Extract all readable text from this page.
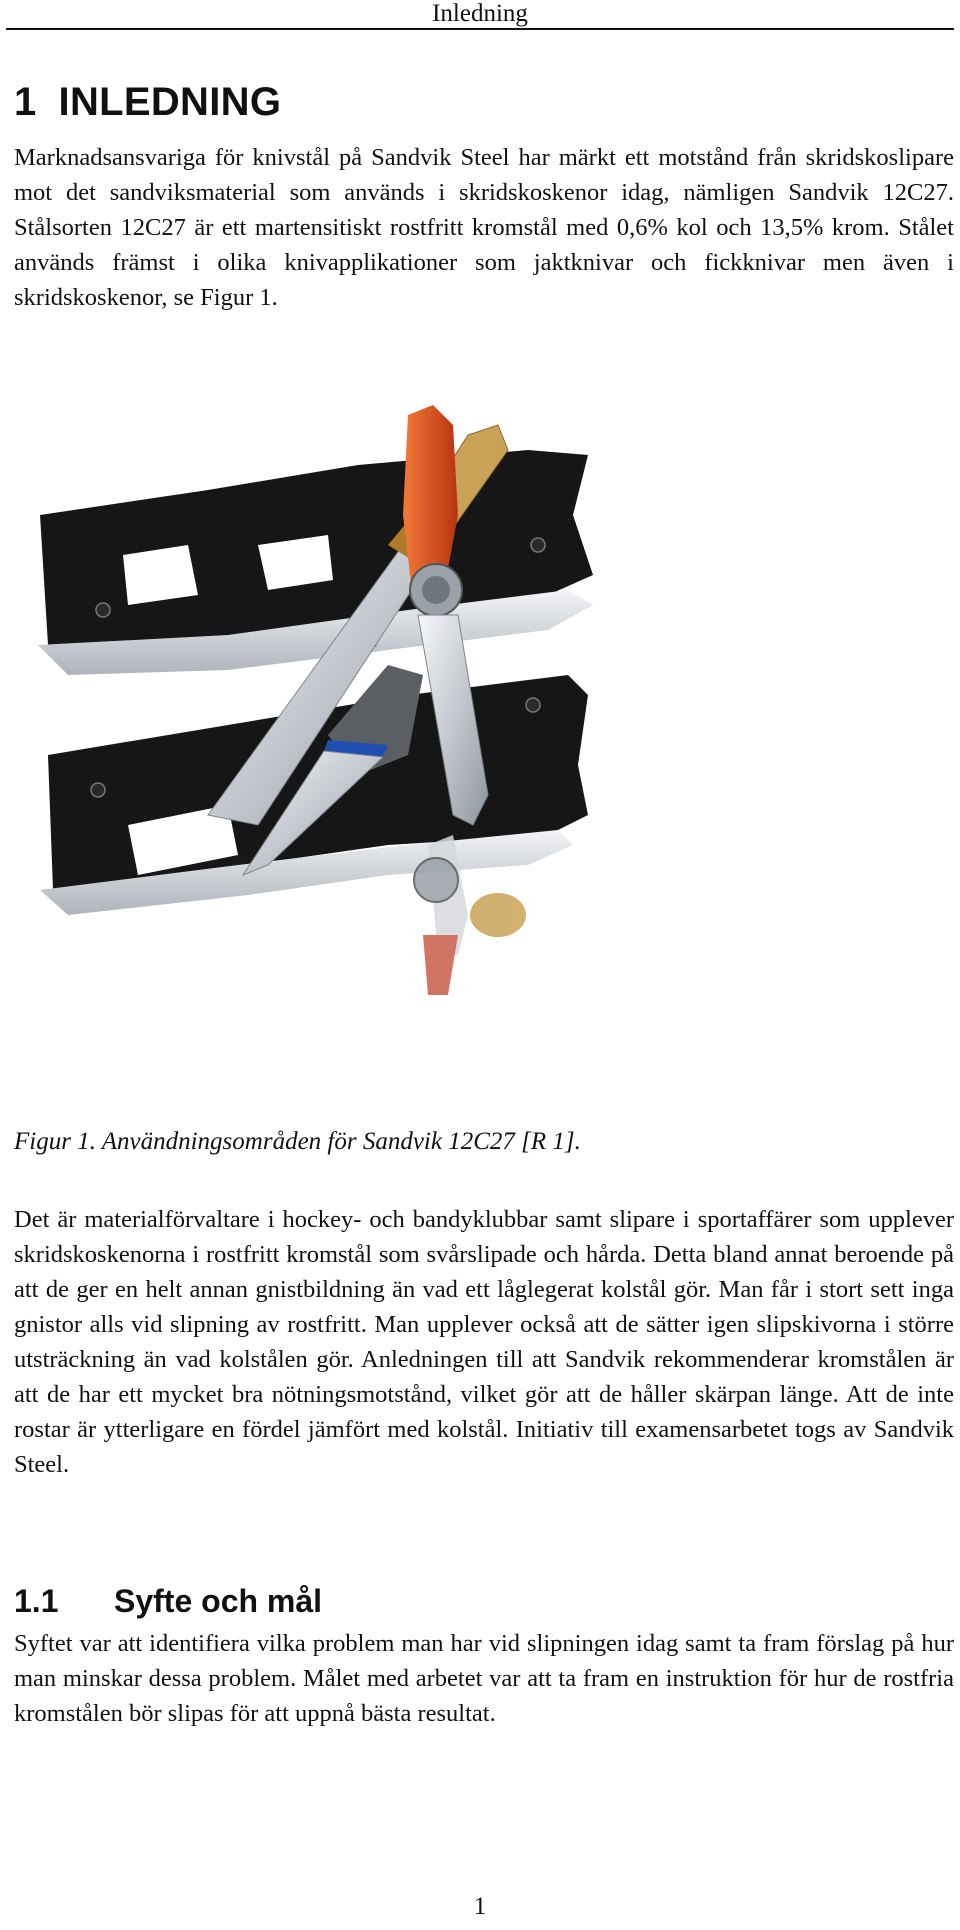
Inledning
1 INLEDNING

Marknadsansvariga för knivstål på Sandvik Steel har märkt ett motstånd från skridskoslipare mot det sandviksmaterial som används i skridskoskenor idag, nämligen Sandvik 12C27. Stålsorten 12C27 är ett martensitiskt rostfritt kromstål med 0,6% kol och 13,5% krom. Stålet används främst i olika knivapplikationer som jaktknivar och fickknivar men även i skridskoskenor, se Figur 1.

Figur 1. Användningsområden för Sandvik 12C27 [R 1].

Det är materialförvaltare i hockey- och bandyklubbar samt slipare i sportaffärer som upplever skridskoskenorna i rostfritt kromstål som svårslipade och hårda. Detta bland annat beroende på att de ger en helt annan gnistbildning än vad ett låglegerat kolstål gör. Man får i stort sett inga gnistor alls vid slipning av rostfritt. Man upplever också att de sätter igen slipskivorna i större utsträckning än vad kolstålen gör. Anledningen till att Sandvik rekommenderar kromstålen är att de har ett mycket bra nötningsmotstånd, vilket gör att de håller skärpan länge. Att de inte rostar är ytterligare en fördel jämfört med kolstål. Initiativ till examensarbetet togs av Sandvik Steel.

1.1 Syfte och mål

Syftet var att identifiera vilka problem man har vid slipningen idag samt ta fram förslag på hur man minskar dessa problem. Målet med arbetet var att ta fram en instruktion för hur de rostfria kromstålen bör slipas för att uppnå bästa resultat.

1
